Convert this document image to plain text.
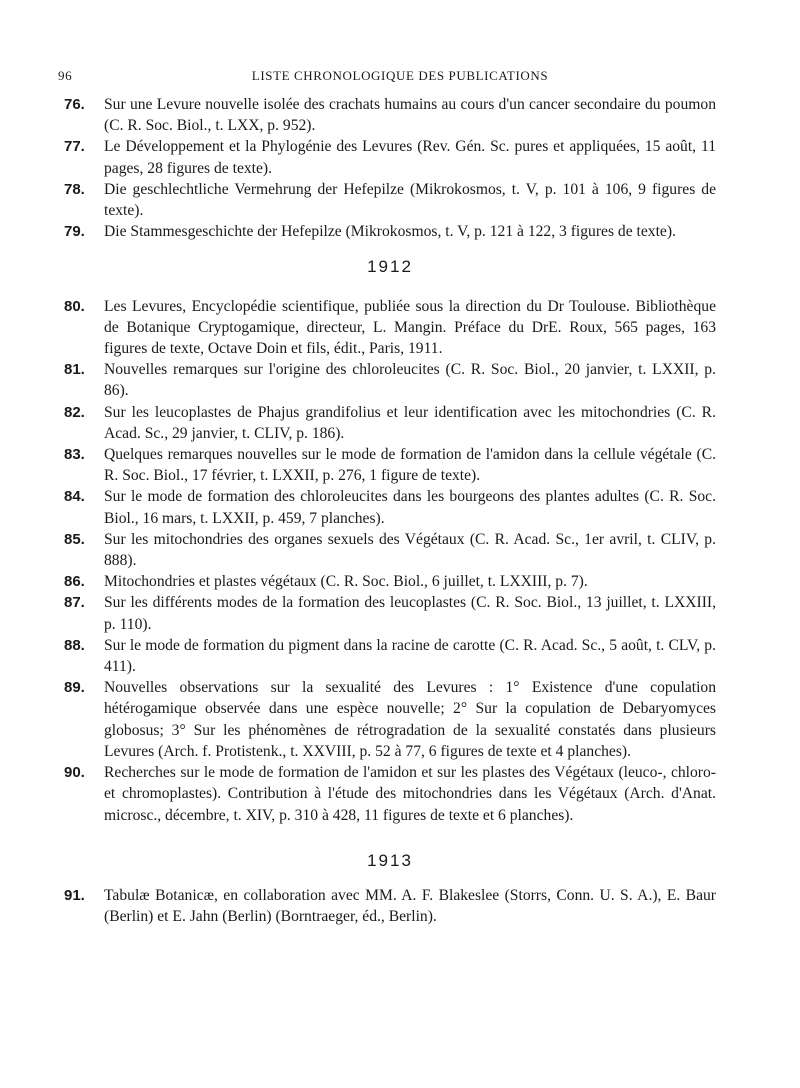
96	LISTE CHRONOLOGIQUE DES PUBLICATIONS
76. Sur une Levure nouvelle isolée des crachats humains au cours d'un cancer secondaire du poumon (C. R. Soc. Biol., t. LXX, p. 952).
77. Le Développement et la Phylogénie des Levures (Rev. Gén. Sc. pures et appliquées, 15 août, 11 pages, 28 figures de texte).
78. Die geschlechtliche Vermehrung der Hefepilze (Mikrokosmos, t. V, p. 101 à 106, 9 figures de texte).
79. Die Stammesgeschichte der Hefepilze (Mikrokosmos, t. V, p. 121 à 122, 3 figures de texte).
1912
80. Les Levures, Encyclopédie scientifique, publiée sous la direction du Dr Toulouse. Bibliothèque de Botanique Cryptogamique, directeur, L. Mangin. Préface du DrE. Roux, 565 pages, 163 figures de texte, Octave Doin et fils, édit., Paris, 1911.
81. Nouvelles remarques sur l'origine des chloroleucites (C. R. Soc. Biol., 20 janvier, t. LXXII, p. 86).
82. Sur les leucoplastes de Phajus grandifolius et leur identification avec les mitochondries (C. R. Acad. Sc., 29 janvier, t. CLIV, p. 186).
83. Quelques remarques nouvelles sur le mode de formation de l'amidon dans la cellule végétale (C. R. Soc. Biol., 17 février, t. LXXII, p. 276, 1 figure de texte).
84. Sur le mode de formation des chloroleucites dans les bourgeons des plantes adultes (C. R. Soc. Biol., 16 mars, t. LXXII, p. 459, 7 planches).
85. Sur les mitochondries des organes sexuels des Végétaux (C. R. Acad. Sc., 1er avril, t. CLIV, p. 888).
86. Mitochondries et plastes végétaux (C. R. Soc. Biol., 6 juillet, t. LXXIII, p. 7).
87. Sur les différents modes de la formation des leucoplastes (C. R. Soc. Biol., 13 juillet, t. LXXIII, p. 110).
88. Sur le mode de formation du pigment dans la racine de carotte (C. R. Acad. Sc., 5 août, t. CLV, p. 411).
89. Nouvelles observations sur la sexualité des Levures : 1° Existence d'une copulation hétérogamique observée dans une espèce nouvelle; 2° Sur la copulation de Debaryomyces globosus; 3° Sur les phénomènes de rétrogradation de la sexualité constatés dans plusieurs Levures (Arch. f. Protistenk., t. XXVIII, p. 52 à 77, 6 figures de texte et 4 planches).
90. Recherches sur le mode de formation de l'amidon et sur les plastes des Végétaux (leuco-, chloro- et chromoplastes). Contribution à l'étude des mitochondries dans les Végétaux (Arch. d'Anat. microsc., décembre, t. XIV, p. 310 à 428, 11 figures de texte et 6 planches).
1913
91. Tabulæ Botanicæ, en collaboration avec MM. A. F. Blakeslee (Storrs, Conn. U. S. A.), E. Baur (Berlin) et E. Jahn (Berlin) (Borntraeger, éd., Berlin).
